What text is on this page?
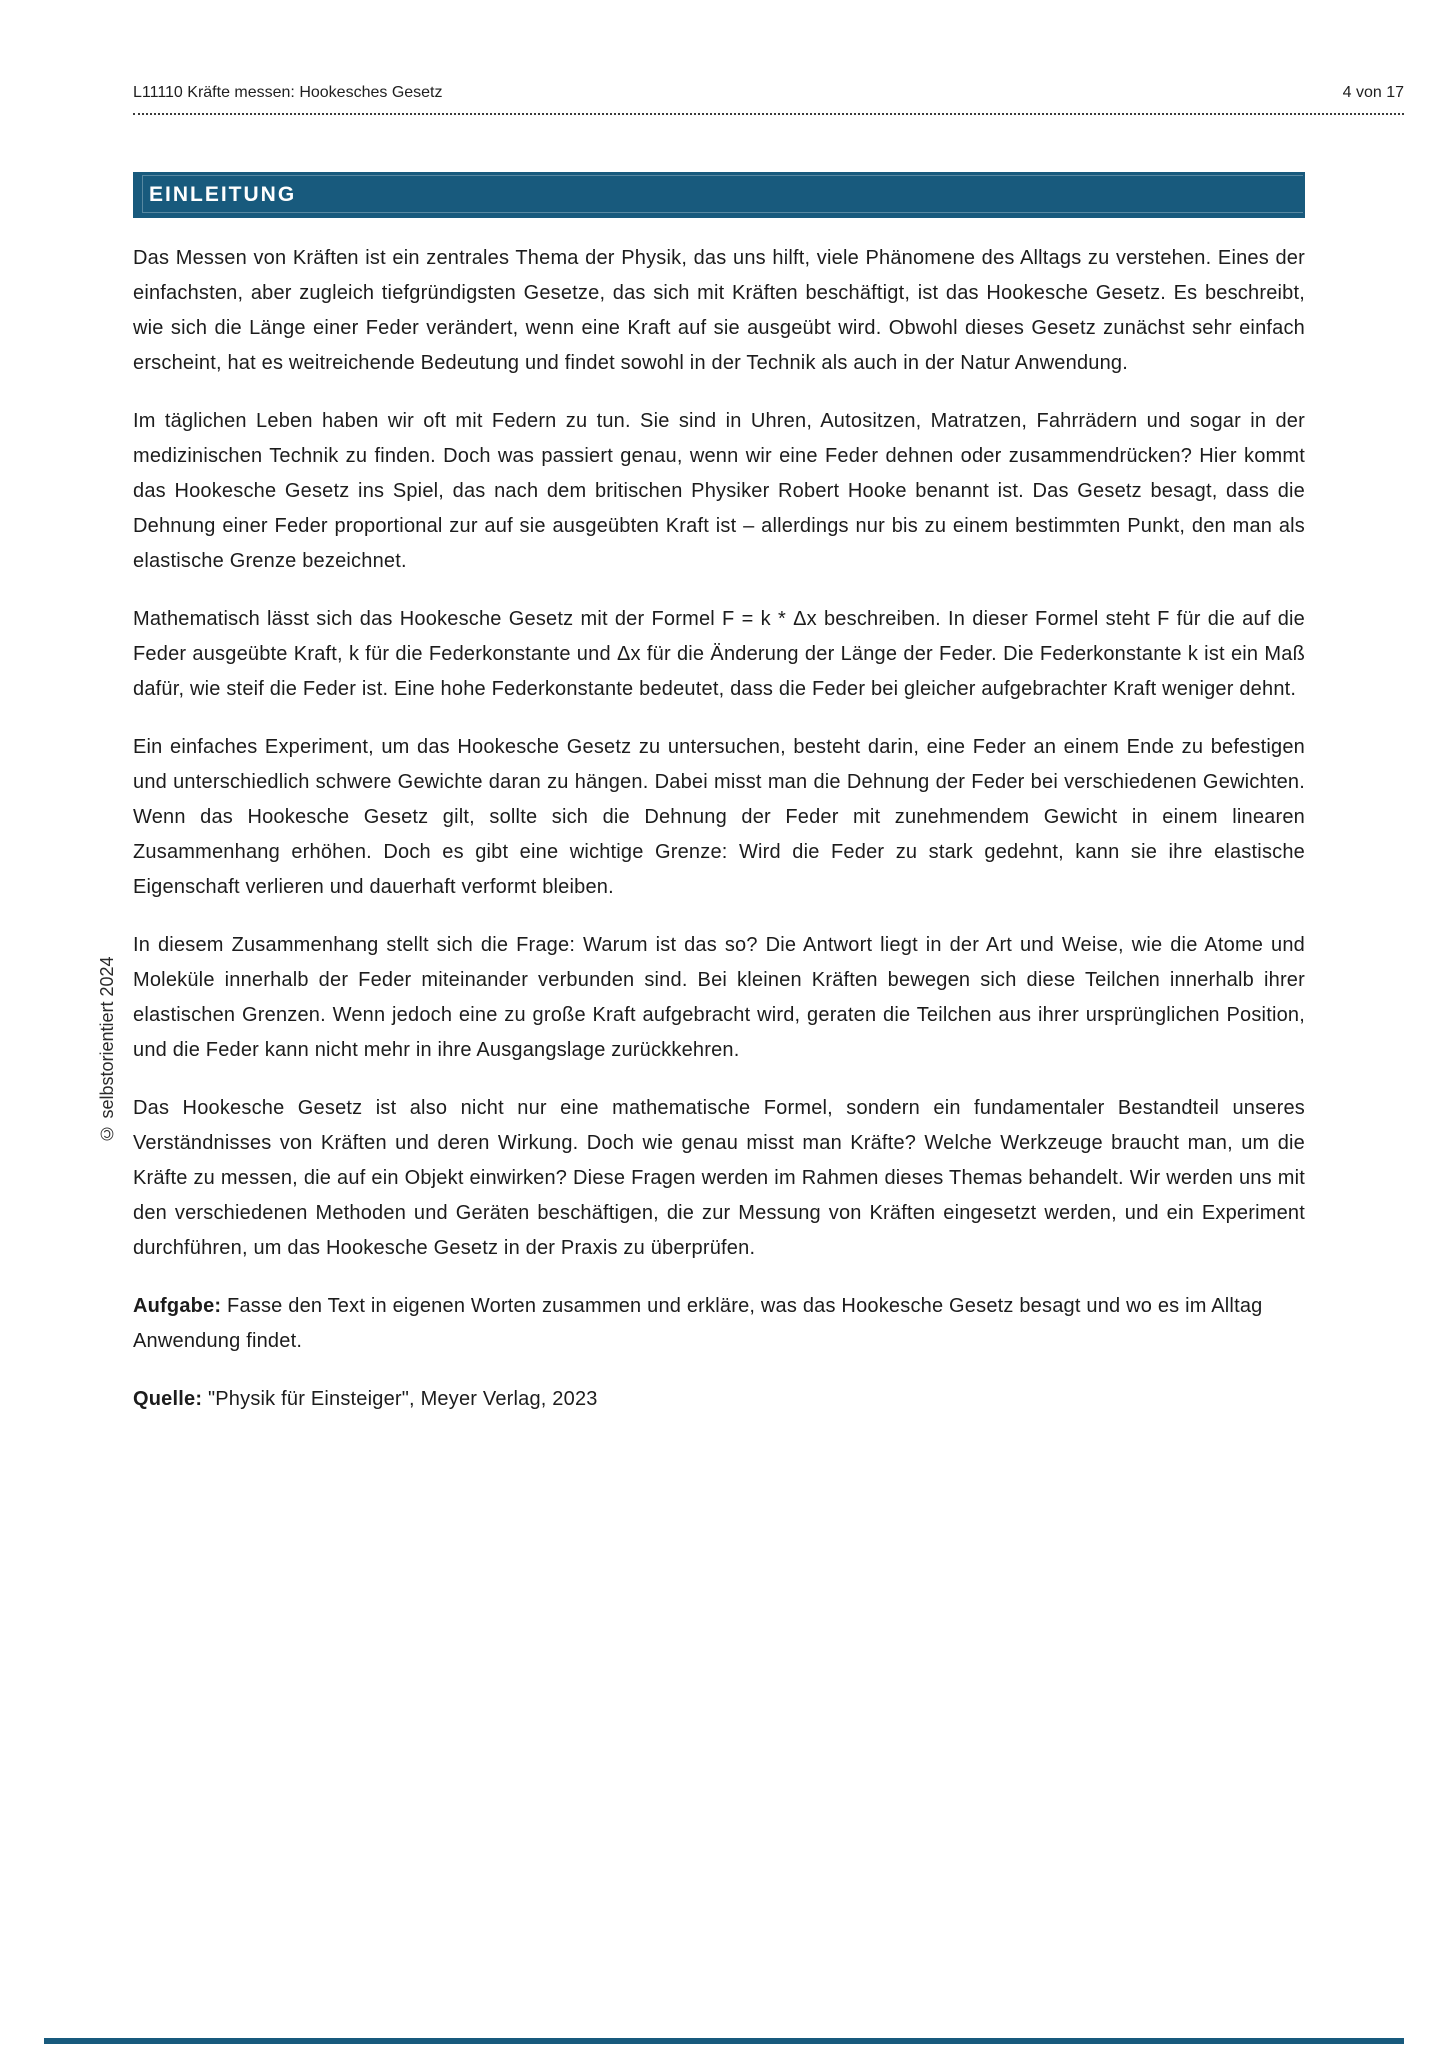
L11110 Kräfte messen: Hookesches Gesetz	4 von 17
© selbstorientiert 2024
EINLEITUNG

Das Messen von Kräften ist ein zentrales Thema der Physik, das uns hilft, viele Phänomene des Alltags zu verstehen. Eines der einfachsten, aber zugleich tiefgründigsten Gesetze, das sich mit Kräften beschäftigt, ist das Hookesche Gesetz. Es beschreibt, wie sich die Länge einer Feder verändert, wenn eine Kraft auf sie ausgeübt wird. Obwohl dieses Gesetz zunächst sehr einfach erscheint, hat es weitreichende Bedeutung und findet sowohl in der Technik als auch in der Natur Anwendung.

Im täglichen Leben haben wir oft mit Federn zu tun. Sie sind in Uhren, Autositzen, Matratzen, Fahrrädern und sogar in der medizinischen Technik zu finden. Doch was passiert genau, wenn wir eine Feder dehnen oder zusammendrücken? Hier kommt das Hookesche Gesetz ins Spiel, das nach dem britischen Physiker Robert Hooke benannt ist. Das Gesetz besagt, dass die Dehnung einer Feder proportional zur auf sie ausgeübten Kraft ist – allerdings nur bis zu einem bestimmten Punkt, den man als elastische Grenze bezeichnet.

Mathematisch lässt sich das Hookesche Gesetz mit der Formel F = k * Δx beschreiben. In dieser Formel steht F für die auf die Feder ausgeübte Kraft, k für die Federkonstante und Δx für die Änderung der Länge der Feder. Die Federkonstante k ist ein Maß dafür, wie steif die Feder ist. Eine hohe Federkonstante bedeutet, dass die Feder bei gleicher aufgebrachter Kraft weniger dehnt.

Ein einfaches Experiment, um das Hookesche Gesetz zu untersuchen, besteht darin, eine Feder an einem Ende zu befestigen und unterschiedlich schwere Gewichte daran zu hängen. Dabei misst man die Dehnung der Feder bei verschiedenen Gewichten. Wenn das Hookesche Gesetz gilt, sollte sich die Dehnung der Feder mit zunehmendem Gewicht in einem linearen Zusammenhang erhöhen. Doch es gibt eine wichtige Grenze: Wird die Feder zu stark gedehnt, kann sie ihre elastische Eigenschaft verlieren und dauerhaft verformt bleiben.

In diesem Zusammenhang stellt sich die Frage: Warum ist das so? Die Antwort liegt in der Art und Weise, wie die Atome und Moleküle innerhalb der Feder miteinander verbunden sind. Bei kleinen Kräften bewegen sich diese Teilchen innerhalb ihrer elastischen Grenzen. Wenn jedoch eine zu große Kraft aufgebracht wird, geraten die Teilchen aus ihrer ursprünglichen Position, und die Feder kann nicht mehr in ihre Ausgangslage zurückkehren.

Das Hookesche Gesetz ist also nicht nur eine mathematische Formel, sondern ein fundamentaler Bestandteil unseres Verständnisses von Kräften und deren Wirkung. Doch wie genau misst man Kräfte? Welche Werkzeuge braucht man, um die Kräfte zu messen, die auf ein Objekt einwirken? Diese Fragen werden im Rahmen dieses Themas behandelt. Wir werden uns mit den verschiedenen Methoden und Geräten beschäftigen, die zur Messung von Kräften eingesetzt werden, und ein Experiment durchführen, um das Hookesche Gesetz in der Praxis zu überprüfen.

Aufgabe: Fasse den Text in eigenen Worten zusammen und erkläre, was das Hookesche Gesetz besagt und wo es im Alltag Anwendung findet.

Quelle: "Physik für Einsteiger", Meyer Verlag, 2023
